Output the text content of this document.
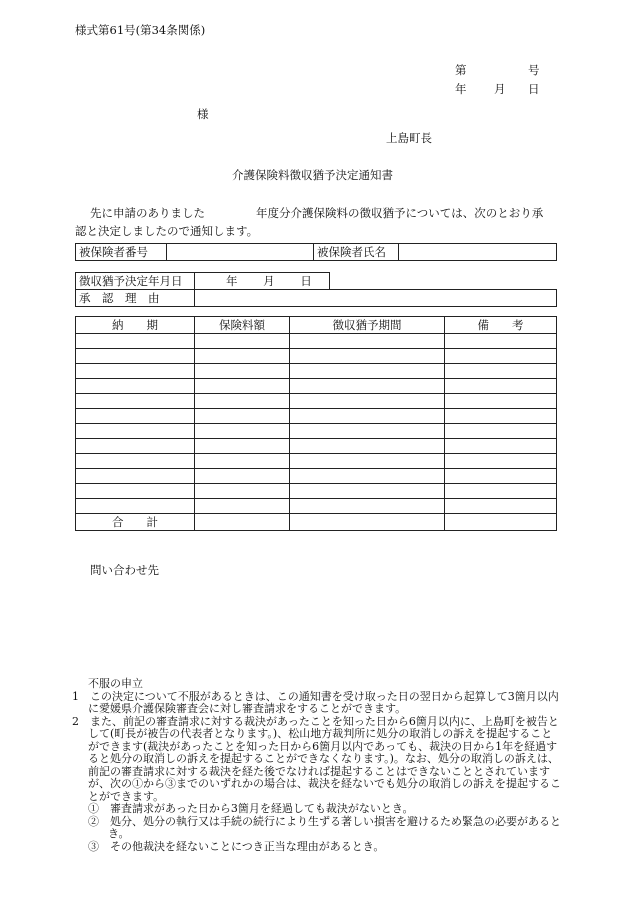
様式第61号(第34条関係)
第	号
年 月 日
様
上島町長
介護保険料徴収猶予決定通知書
先に申請のありました	年度分介護保険料の徴収猶予については、次のとおり承
認と決定しましたので通知します。
被保険者番号		被保険者氏名	
徴収猶予決定年月日	年 月 日	
承　認　理　由		
納　　期	保険料額	徴収猶予期間	備　　考

合　　計			
問い合わせ先

不服の申立

1　この決定について不服があるときは、この通知書を受け取った日の翌日から起算して3箇月以内に愛媛県介護保険審査会に対し審査請求をすることができます。

2　また、前記の審査請求に対する裁決があったことを知った日から6箇月以内に、上島町を被告として(町長が被告の代表者となります。)、松山地方裁判所に処分の取消しの訴えを提起することができます(裁決があったことを知った日から6箇月以内であっても、裁決の日から1年を経過すると処分の取消しの訴えを提起することができなくなります。)。なお、処分の取消しの訴えは、前記の審査請求に対する裁決を経た後でなければ提起することはできないこととされていますが、次の①から③までのいずれかの場合は、裁決を経ないでも処分の取消しの訴えを提起することができます。

①　審査請求があった日から3箇月を経過しても裁決がないとき。

②　処分、処分の執行又は手続の続行により生ずる著しい損害を避けるため緊急の必要があるとき。

③　その他裁決を経ないことにつき正当な理由があるとき。
